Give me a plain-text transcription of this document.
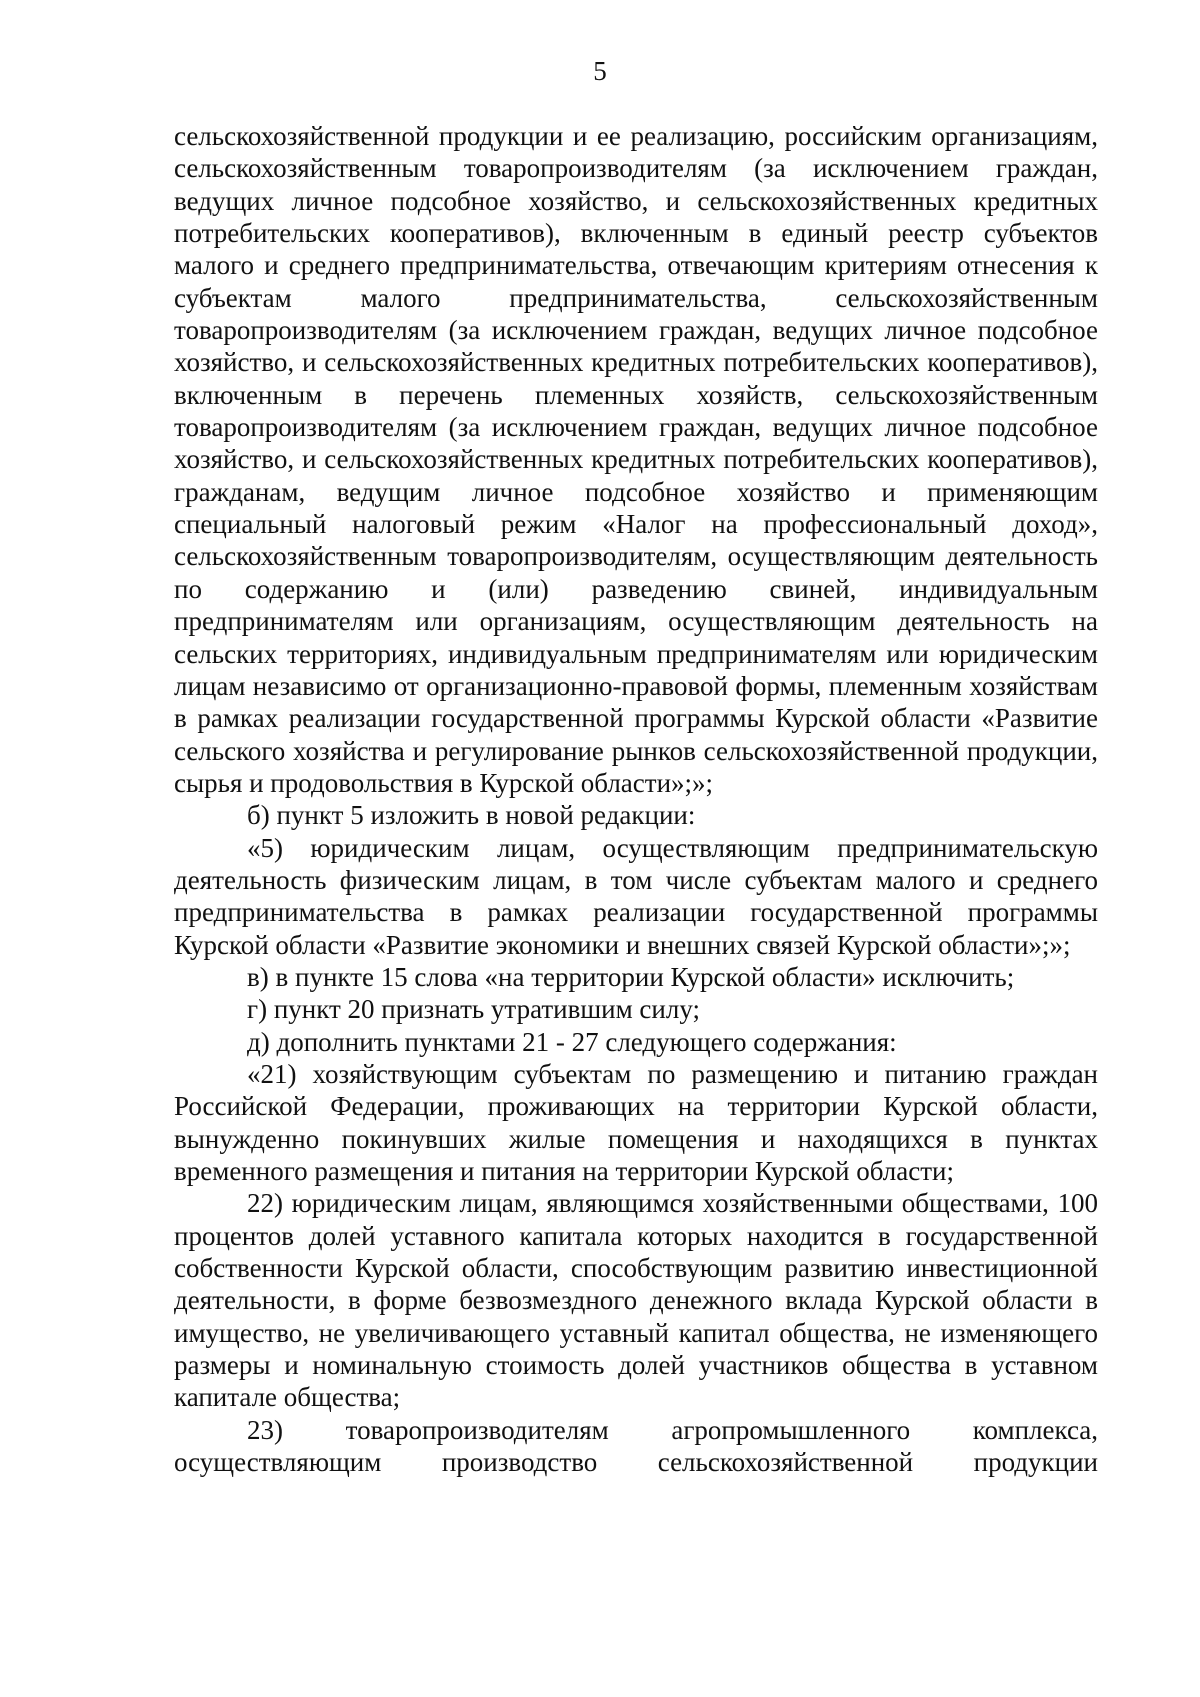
5

сельскохозяйственной продукции и ее реализацию, российским организациям, сельскохозяйственным товаропроизводителям (за исключением граждан, ведущих личное подсобное хозяйство, и сельскохозяйственных кредитных потребительских кооперативов), включенным в единый реестр субъектов малого и среднего предпринимательства, отвечающим критериям отнесения к субъектам малого предпринимательства, сельскохозяйственным товаропроизводителям (за исключением граждан, ведущих личное подсобное хозяйство, и сельскохозяйственных кредитных потребительских кооперативов), включенным в перечень племенных хозяйств, сельскохозяйственным товаропроизводителям (за исключением граждан, ведущих личное подсобное хозяйство, и сельскохозяйственных кредитных потребительских кооперативов), гражданам, ведущим личное подсобное хозяйство и применяющим специальный налоговый режим «Налог на профессиональный доход», сельскохозяйственным товаропроизводителям, осуществляющим деятельность по содержанию и (или) разведению свиней, индивидуальным предпринимателям или организациям, осуществляющим деятельность на сельских территориях, индивидуальным предпринимателям или юридическим лицам независимо от организационно-правовой формы, племенным хозяйствам в рамках реализации государственной программы Курской области «Развитие сельского хозяйства и регулирование рынков сельскохозяйственной продукции, сырья и продовольствия в Курской области»;»;

б) пункт 5 изложить в новой редакции:

«5) юридическим лицам, осуществляющим предпринимательскую деятельность физическим лицам, в том числе субъектам малого и среднего предпринимательства в рамках реализации государственной программы Курской области «Развитие экономики и внешних связей Курской области»;»;

в) в пункте 15 слова «на территории Курской области» исключить;

г) пункт 20 признать утратившим силу;

д) дополнить пунктами 21 - 27 следующего содержания:

«21) хозяйствующим субъектам по размещению и питанию граждан Российской Федерации, проживающих на территории Курской области, вынужденно покинувших жилые помещения и находящихся в пунктах временного размещения и питания на территории Курской области;

22) юридическим лицам, являющимся хозяйственными обществами, 100 процентов долей уставного капитала которых находится в государственной собственности Курской области, способствующим развитию инвестиционной деятельности, в форме безвозмездного денежного вклада Курской области в имущество, не увеличивающего уставный капитал общества, не изменяющего размеры и номинальную стоимость долей участников общества в уставном капитале общества;

23) товаропроизводителям агропромышленного комплекса, осуществляющим производство сельскохозяйственной продукции
